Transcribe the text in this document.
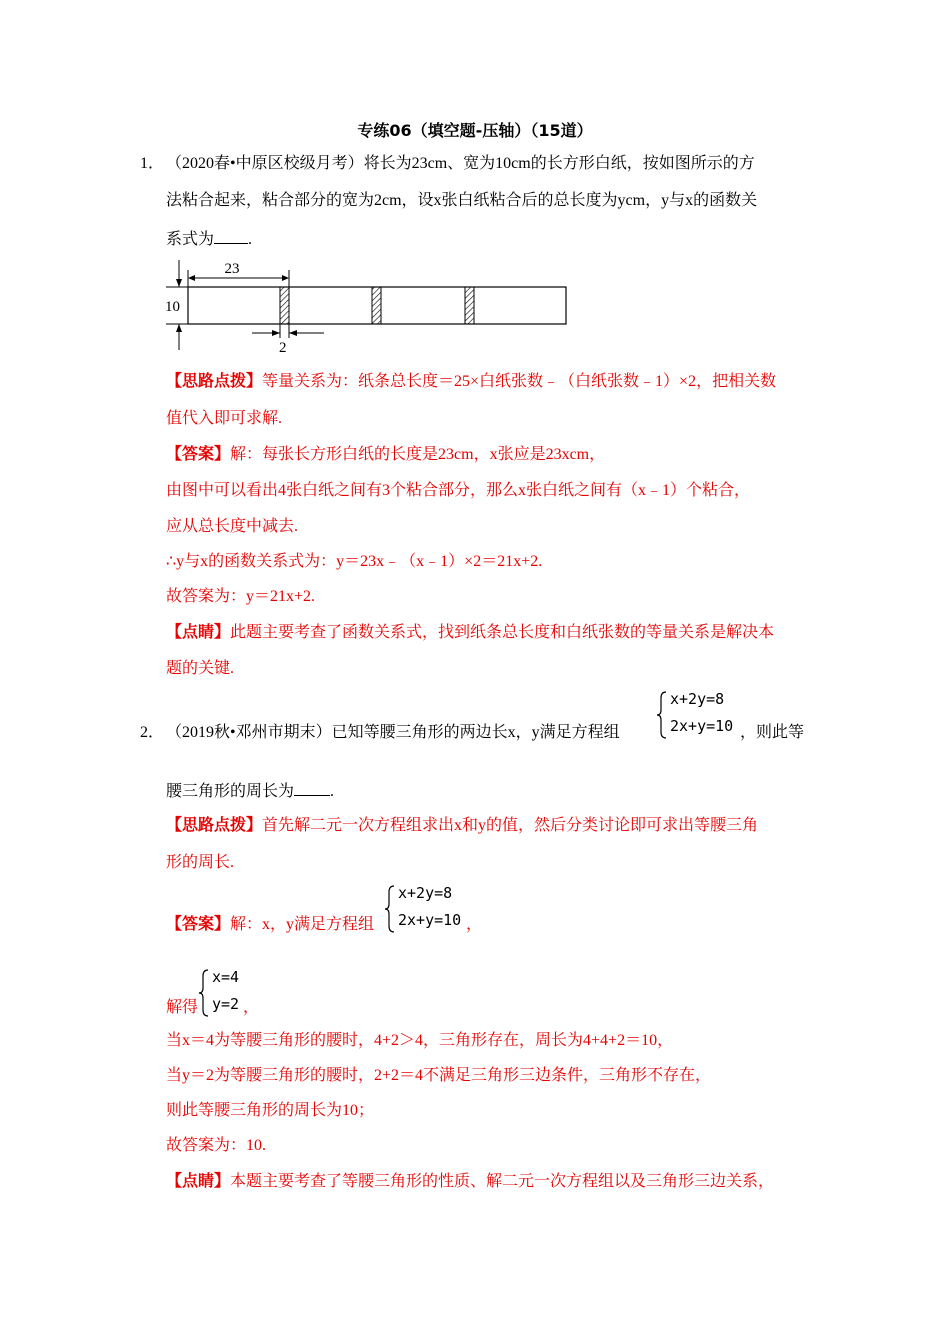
专练06（填空题-压轴）（15道）
1． （2020春•中原区校级月考）将长为23cm、宽为10cm的长方形白纸，按如图所示的方
法粘合起来，粘合部分的宽为2cm，设x张白纸粘合后的总长度为ycm，y与x的函数关
系式为 .
23
10
2
【思路点拨】等量关系为：纸条总长度＝25×白纸张数﹣（白纸张数﹣1）×2，把相关数
值代入即可求解.
【答案】解：每张长方形白纸的长度是23cm，x张应是23xcm，
由图中可以看出4张白纸之间有3个粘合部分，那么x张白纸之间有（x﹣1）个粘合，
应从总长度中减去.
∴y与x的函数关系式为：y＝23x﹣（x﹣1）×2＝21x+2.
故答案为：y＝21x+2.
【点睛】此题主要考查了函数关系式，找到纸条总长度和白纸张数的等量关系是解决本
题的关键.
2． （2019秋•邓州市期末）已知等腰三角形的两边长x，y满足方程组
x+2y=8
2x+y=10 ，则此等
腰三角形的周长为 .
【思路点拨】首先解二元一次方程组求出x和y的值，然后分类讨论即可求出等腰三角
形的周长.
【答案】解：x，y满足方程组
x+2y=8
2x+y=10 ，
解得
x=4
y=2 ，
当x＝4为等腰三角形的腰时，4+2＞4，三角形存在，周长为4+4+2＝10，
当y＝2为等腰三角形的腰时，2+2＝4不满足三角形三边条件，三角形不存在，
则此等腰三角形的周长为10；
故答案为：10.
【点睛】本题主要考查了等腰三角形的性质、解二元一次方程组以及三角形三边关系，
